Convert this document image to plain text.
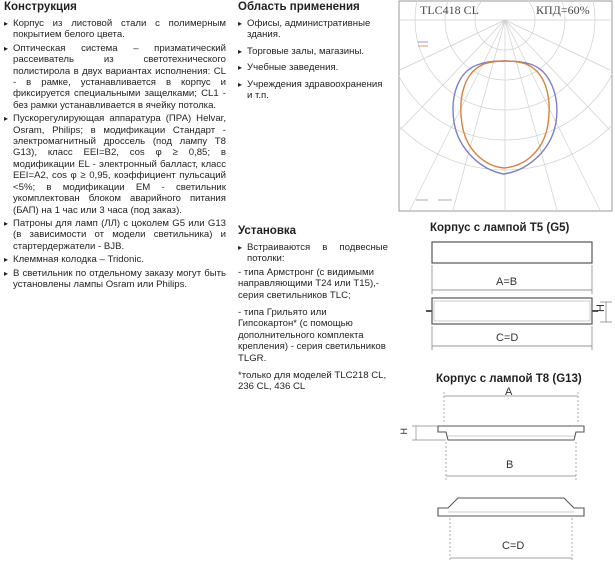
Конструкция
▸ Корпус из листовой стали с полимерным покрытием белого цвета.
▸ Оптическая система – призматический рассеиватель из светотехнического полистирола в двух вариантах исполнения: CL - в рамке, устанавливается в корпус и фиксируется специальными защелками; CL1 - без рамки устанавливается в ячейку потолка.
▸ Пускорегулирующая аппаратура (ПРА) Helvar, Osram, Philips; в модификации Стандарт - электромагнитный дроссель (под лампу T8 G13), класс EEI=B2, cos φ ≥ 0,85; в модификации EL - электронный балласт, класс EEI=A2, cos φ ≥ 0,95, коэффициент пульсаций <5%; в модификации EM - светильник укомплектован блоком аварийного питания (БАП) на 1 час или 3 часа (под заказ).
▸ Патроны для ламп (ЛЛ) с цоколем G5 или G13 (в зависимости от модели светильника) и стартердержатели - BJB.
▸ Клеммная колодка – Tridonic.
▸ В светильник по отдельному заказу могут быть установлены лампы Osram или Philips.
Область применения
▸ Офисы, административные здания.
▸ Торговые залы, магазины.
▸ Учебные заведения.
▸ Учреждения здравоохранения и т.п.
Установка
▸ Встраиваются в подвесные потолки:

- типа Армстронг (с видимыми направляющими T24 или T15),- серия светильников TLC;

- типа Грильято или Гипсокартон* (с помощью дополнительного комплекта крепления) - серия светильников TLGR.

*только для моделей TLC218 CL, 236 CL, 436 CL

TLC418 CL	КПД=60%
Корпус с лампой Т5 (G5)
A=B
H
C=D
Корпус с лампой Т8 (G13)
A
H
B
C=D
